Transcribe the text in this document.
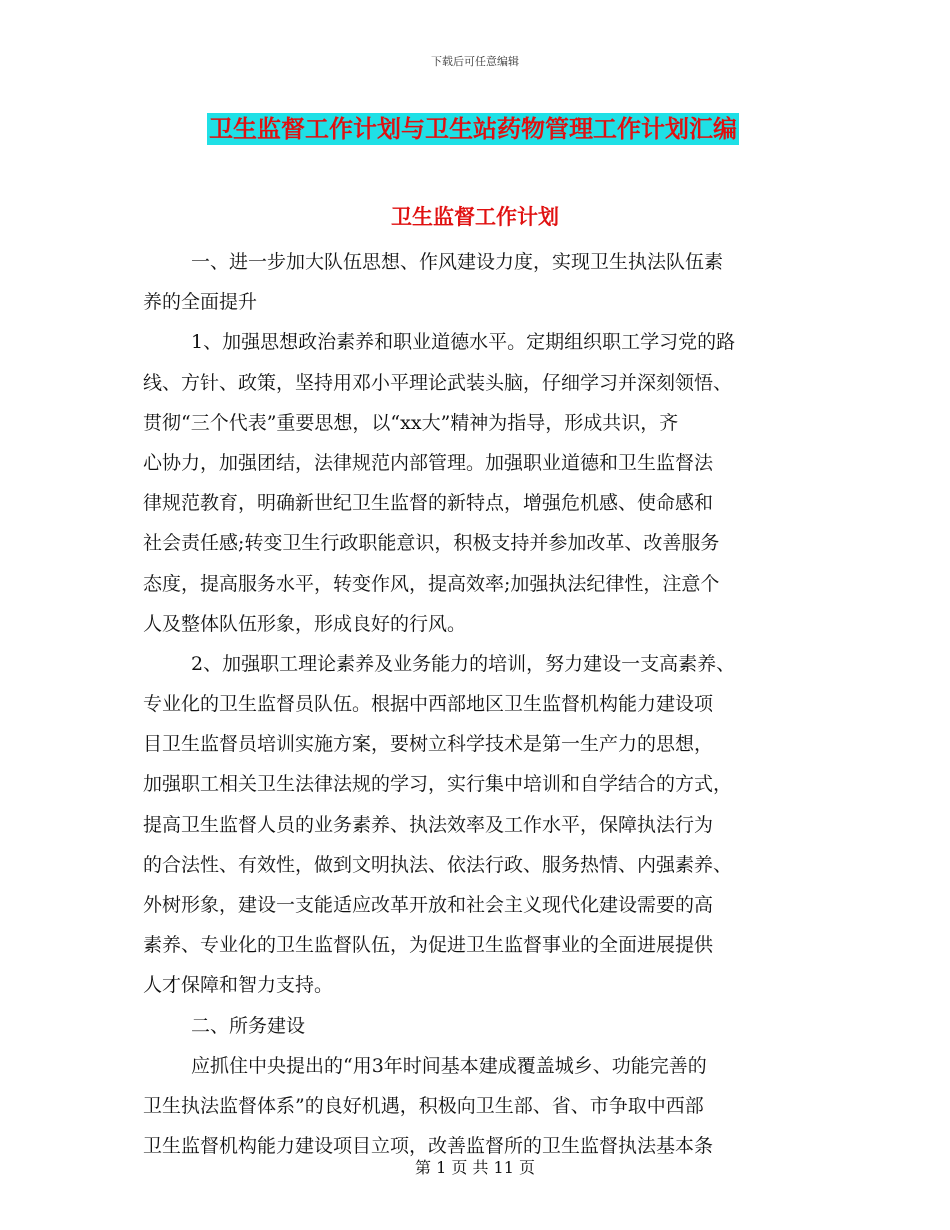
下载后可任意编辑
卫生监督工作计划与卫生站药物管理工作计划汇编
卫生监督工作计划
一、进一步加大队伍思想、作风建设力度，实现卫生执法队伍素
养的全面提升
1、加强思想政治素养和职业道德水平。定期组织职工学习党的路
线、方针、政策，坚持用邓小平理论武装头脑，仔细学习并深刻领悟、
贯彻“三个代表”重要思想，以“xx大”精神为指导，形成共识，齐
心协力，加强团结，法律规范内部管理。加强职业道德和卫生监督法
律规范教育，明确新世纪卫生监督的新特点，增强危机感、使命感和
社会责任感;转变卫生行政职能意识，积极支持并参加改革、改善服务
态度，提高服务水平，转变作风，提高效率;加强执法纪律性，注意个
人及整体队伍形象，形成良好的行风。
2、加强职工理论素养及业务能力的培训，努力建设一支高素养、
专业化的卫生监督员队伍。根据中西部地区卫生监督机构能力建设项
目卫生监督员培训实施方案，要树立科学技术是第一生产力的思想，
加强职工相关卫生法律法规的学习，实行集中培训和自学结合的方式，
提高卫生监督人员的业务素养、执法效率及工作水平，保障执法行为
的合法性、有效性，做到文明执法、依法行政、服务热情、内强素养、
外树形象，建设一支能适应改革开放和社会主义现代化建设需要的高
素养、专业化的卫生监督队伍，为促进卫生监督事业的全面进展提供
人才保障和智力支持。
二、所务建设
应抓住中央提出的“用3年时间基本建成覆盖城乡、功能完善的
卫生执法监督体系”的良好机遇，积极向卫生部、省、市争取中西部
卫生监督机构能力建设项目立项，改善监督所的卫生监督执法基本条
第 1 页 共 11 页
